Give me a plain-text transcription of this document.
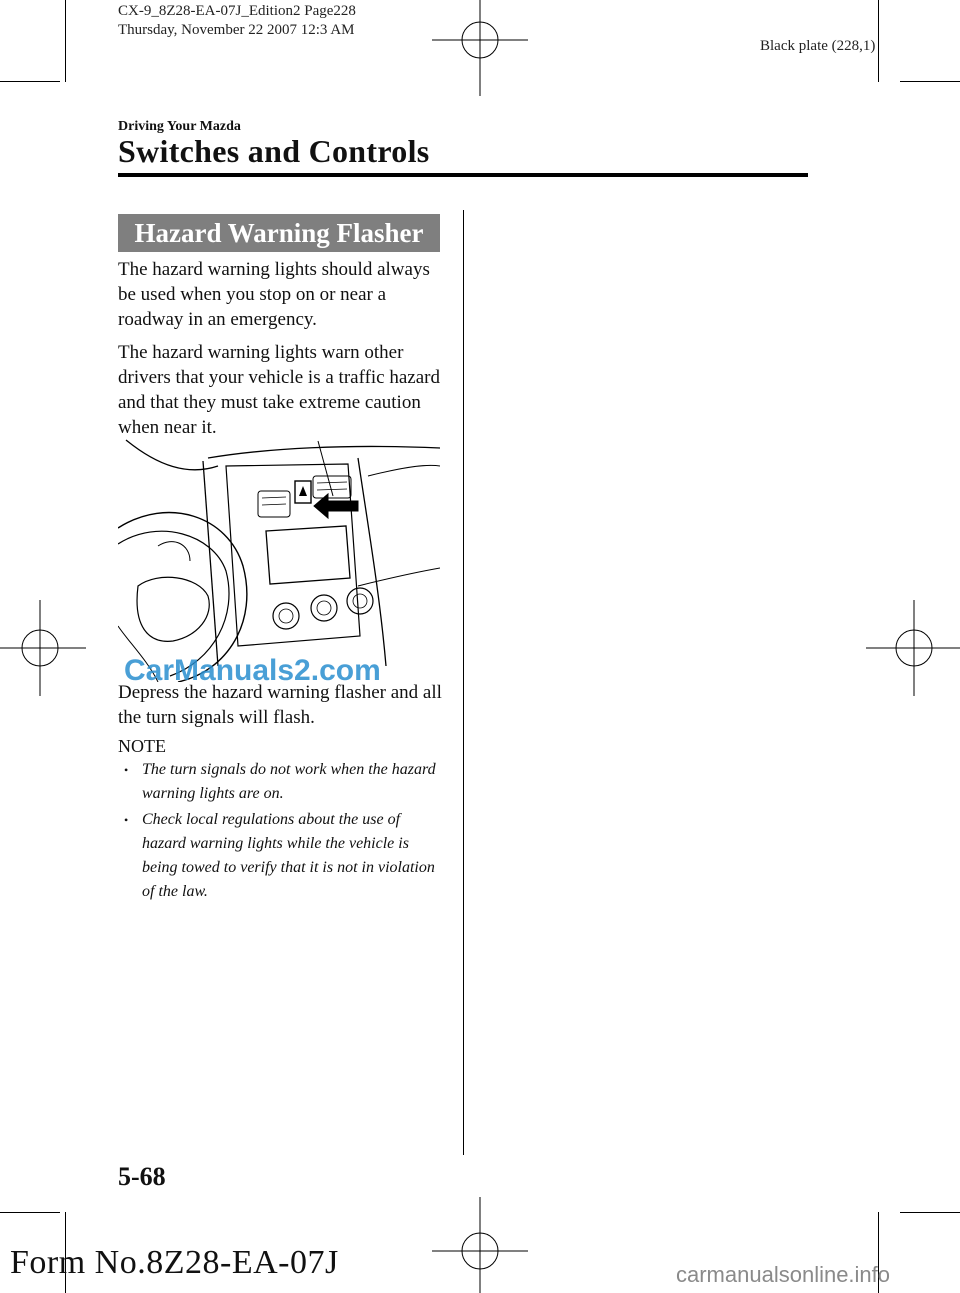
CX-9_8Z28-EA-07J_Edition2 Page228
Thursday, November 22 2007 12:3 AM
Black plate (228,1)
Driving Your Mazda
Switches and Controls
Hazard Warning Flasher
The hazard warning lights should always be used when you stop on or near a roadway in an emergency.
The hazard warning lights warn other drivers that your vehicle is a traffic hazard and that they must take extreme caution when near it.
CarManuals2.com
Depress the hazard warning flasher and all the turn signals will flash.
NOTE
• The turn signals do not work when the hazard warning lights are on.
• Check local regulations about the use of hazard warning lights while the vehicle is being towed to verify that it is not in violation of the law.
5-68
Form No.8Z28-EA-07J	carmanualsonline.info
